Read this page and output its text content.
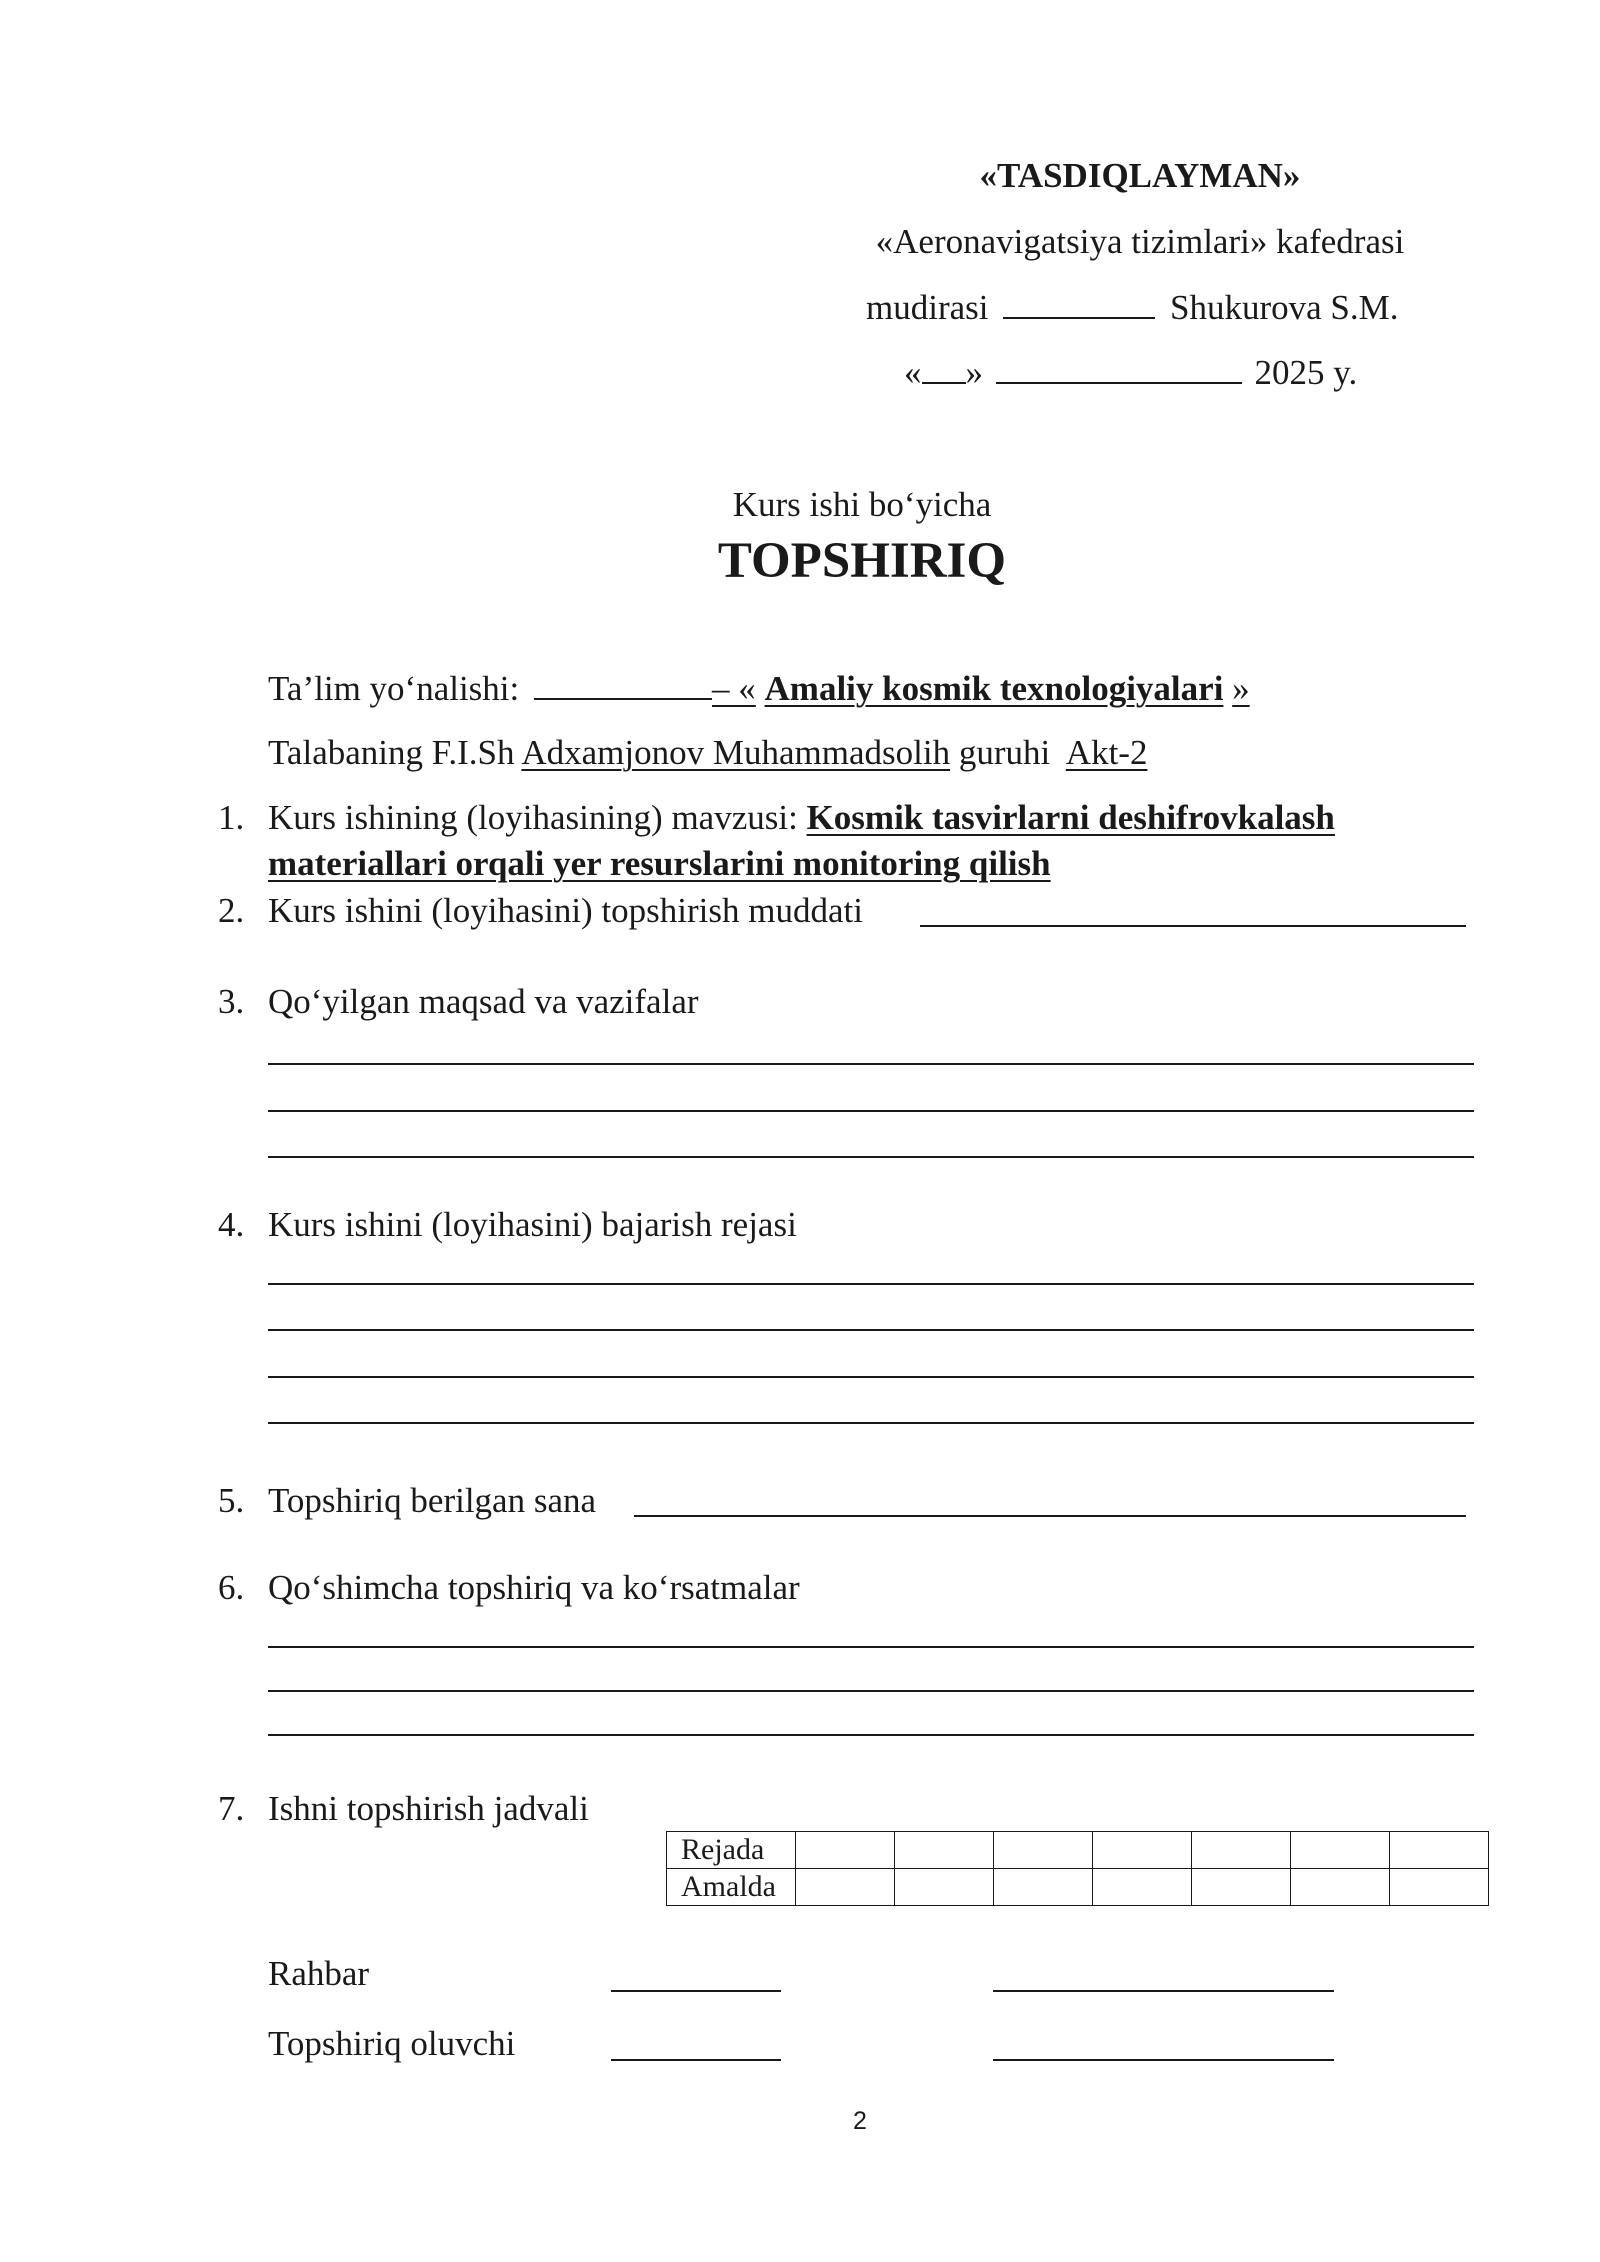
«TASDIQLAYMAN»
«Aeronavigatsiya tizimlari» kafedrasi
mudirasi	Shukurova S.M.
« »	2025 y.
Kurs ishi bo‘yicha
TOPSHIRIQ
Ta’lim yo‘nalishi:	– « Amaliy kosmik texnologiyalari »
Talabaning F.I.Sh Adxamjonov Muhammadsolih guruhi Akt-2
1. Kurs ishining (loyihasining) mavzusi: Kosmik tasvirlarni deshifrovkalash
materiallari orqali yer resurslarini monitoring qilish
2. Kurs ishini (loyihasini) topshirish muddati
3. Qo‘yilgan maqsad va vazifalar
4. Kurs ishini (loyihasini) bajarish rejasi
5. Topshiriq berilgan sana
6. Qo‘shimcha topshiriq va ko‘rsatmalar
7. Ishni topshirish jadvali
Rejada							
Amalda							
Rahbar
Topshiriq oluvchi
2
